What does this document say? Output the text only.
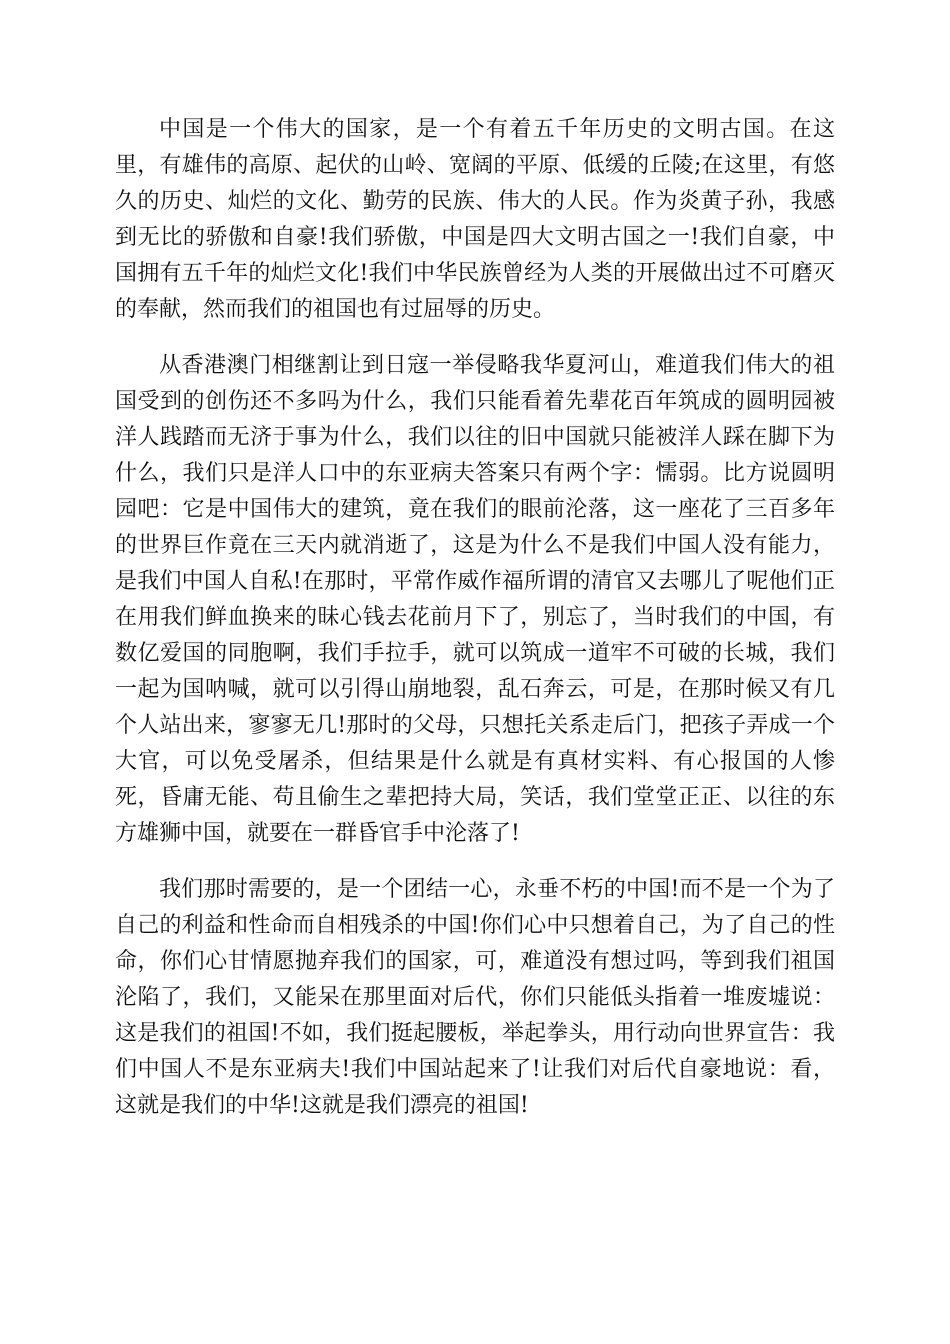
中国是一个伟大的国家，是一个有着五千年历史的文明古国。在这里，有雄伟的高原、起伏的山岭、宽阔的平原、低缓的丘陵;在这里，有悠久的历史、灿烂的文化、勤劳的民族、伟大的人民。作为炎黄子孙，我感到无比的骄傲和自豪!我们骄傲，中国是四大文明古国之一!我们自豪，中国拥有五千年的灿烂文化!我们中华民族曾经为人类的开展做出过不可磨灭的奉献，然而我们的祖国也有过屈辱的历史。

从香港澳门相继割让到日寇一举侵略我华夏河山，难道我们伟大的祖国受到的创伤还不多吗为什么，我们只能看着先辈花百年筑成的圆明园被洋人践踏而无济于事为什么，我们以往的旧中国就只能被洋人踩在脚下为什么，我们只是洋人口中的东亚病夫答案只有两个字：懦弱。比方说圆明园吧：它是中国伟大的建筑，竟在我们的眼前沦落，这一座花了三百多年的世界巨作竟在三天内就消逝了，这是为什么不是我们中国人没有能力，是我们中国人自私!在那时，平常作威作福所谓的清官又去哪儿了呢他们正在用我们鲜血换来的昧心钱去花前月下了，别忘了，当时我们的中国，有数亿爱国的同胞啊，我们手拉手，就可以筑成一道牢不可破的长城，我们一起为国呐喊，就可以引得山崩地裂，乱石奔云，可是，在那时候又有几个人站出来，寥寥无几!那时的父母，只想托关系走后门，把孩子弄成一个大官，可以免受屠杀，但结果是什么就是有真材实料、有心报国的人惨死，昏庸无能、苟且偷生之辈把持大局，笑话，我们堂堂正正、以往的东方雄狮中国，就要在一群昏官手中沦落了!

我们那时需要的，是一个团结一心，永垂不朽的中国!而不是一个为了自己的利益和性命而自相残杀的中国!你们心中只想着自己，为了自己的性命，你们心甘情愿抛弃我们的国家，可，难道没有想过吗，等到我们祖国沦陷了，我们，又能呆在那里面对后代，你们只能低头指着一堆废墟说：这是我们的祖国!不如，我们挺起腰板，举起拳头，用行动向世界宣告：我们中国人不是东亚病夫!我们中国站起来了!让我们对后代自豪地说：看，这就是我们的中华!这就是我们漂亮的祖国!
